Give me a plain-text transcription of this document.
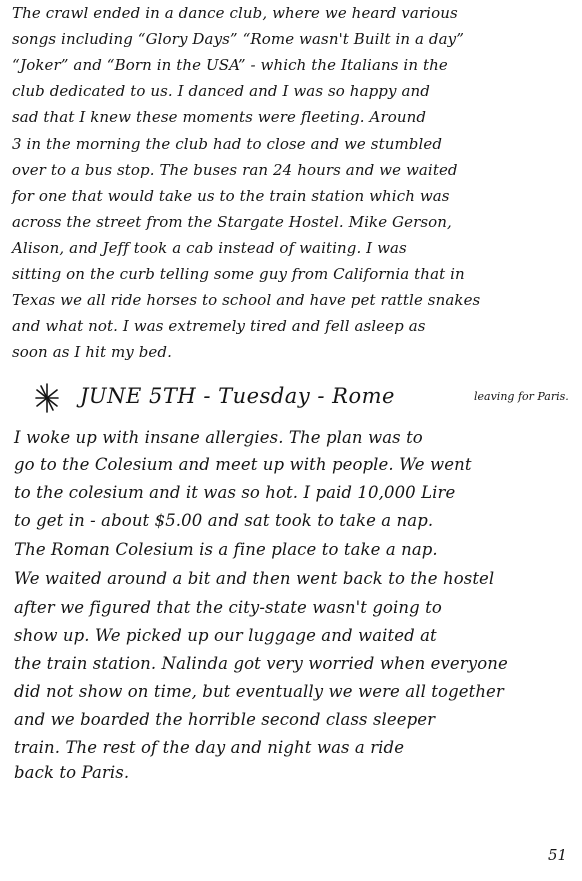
The crawl ended in a dance club, where we heard various
songs including “Glory Days” “Rome wasn't Built in a day”
“Joker” and “Born in the USA” - which the Italians in the
club dedicated to us. I danced and I was so happy and
sad that I knew these moments were fleeting. Around
3 in the morning the club had to close and we stumbled
over to a bus stop. The buses ran 24 hours and we waited
for one that would take us to the train station which was
across the street from the Stargate Hostel. Mike Gerson,
Alison, and Jeff took a cab instead of waiting. I was
sitting on the curb telling some guy from California that in
Texas we all ride horses to school and have pet rattle snakes
and what not. I was extremely tired and fell asleep as
soon as I hit my bed.
JUNE 5TH - Tuesday - Rome	leaving for Paris.
I woke up with insane allergies. The plan was to
go to the Colesium and meet up with people. We went
to the colesium and it was so hot. I paid 10,000 Lire
to get in - about $5.00 and sat took to take a nap.
The Roman Colesium is a fine place to take a nap.
We waited around a bit and then went back to the hostel
after we figured that the city-state wasn't going to
show up. We picked up our luggage and waited at
the train station. Nalinda got very worried when everyone
did not show on time, but eventually we were all together
and we boarded the horrible second class sleeper
train. The rest of the day and night was a ride
back to Paris.
51
